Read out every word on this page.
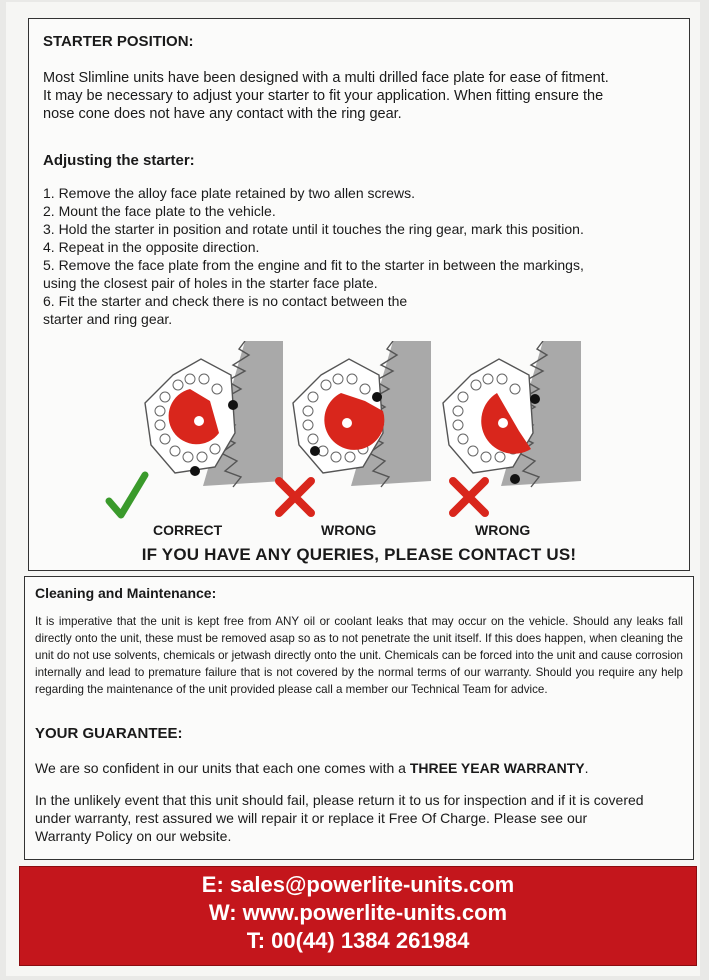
STARTER POSITION:

Most Slimline units have been designed with a multi drilled face plate for ease of fitment.

It may be necessary to adjust your starter to fit your application. When fitting ensure the

nose cone does not have any contact with the ring gear.

Adjusting the starter:

1. Remove the alloy face plate retained by two allen screws.

2. Mount the face plate to the vehicle.

3. Hold the starter in position and rotate until it touches the ring gear, mark this position.

4. Repeat in the opposite direction.

5. Remove the face plate from the engine and fit to the starter in between the markings,

using the closest pair of holes in the starter face plate.

6. Fit the starter and check there is no contact between the

starter and ring gear.

CORRECT	WRONG	WRONG

IF YOU HAVE ANY QUERIES, PLEASE CONTACT US!

Cleaning and Maintenance:

It is imperative that the unit is kept free from ANY oil or coolant leaks that may occur on the vehicle. Should any leaks fall directly onto the unit, these must be removed asap so as to not penetrate the unit itself. If this does happen, when cleaning the unit do not use solvents, chemicals or jetwash directly onto the unit. Chemicals can be forced into the unit and cause corrosion internally and lead to premature failure that is not covered by the normal terms of our warranty. Should you require any help regarding the maintenance of the unit provided please call a member our Technical Team for advice.

YOUR GUARANTEE:

We are so confident in our units that each one comes with a THREE YEAR WARRANTY.

In the unlikely event that this unit should fail, please return it to us for inspection and if it is covered

under warranty, rest assured we will repair it or replace it Free Of Charge. Please see our

Warranty Policy on our website.

E: sales@powerlite-units.com

W: www.powerlite-units.com

T: 00(44) 1384 261984
